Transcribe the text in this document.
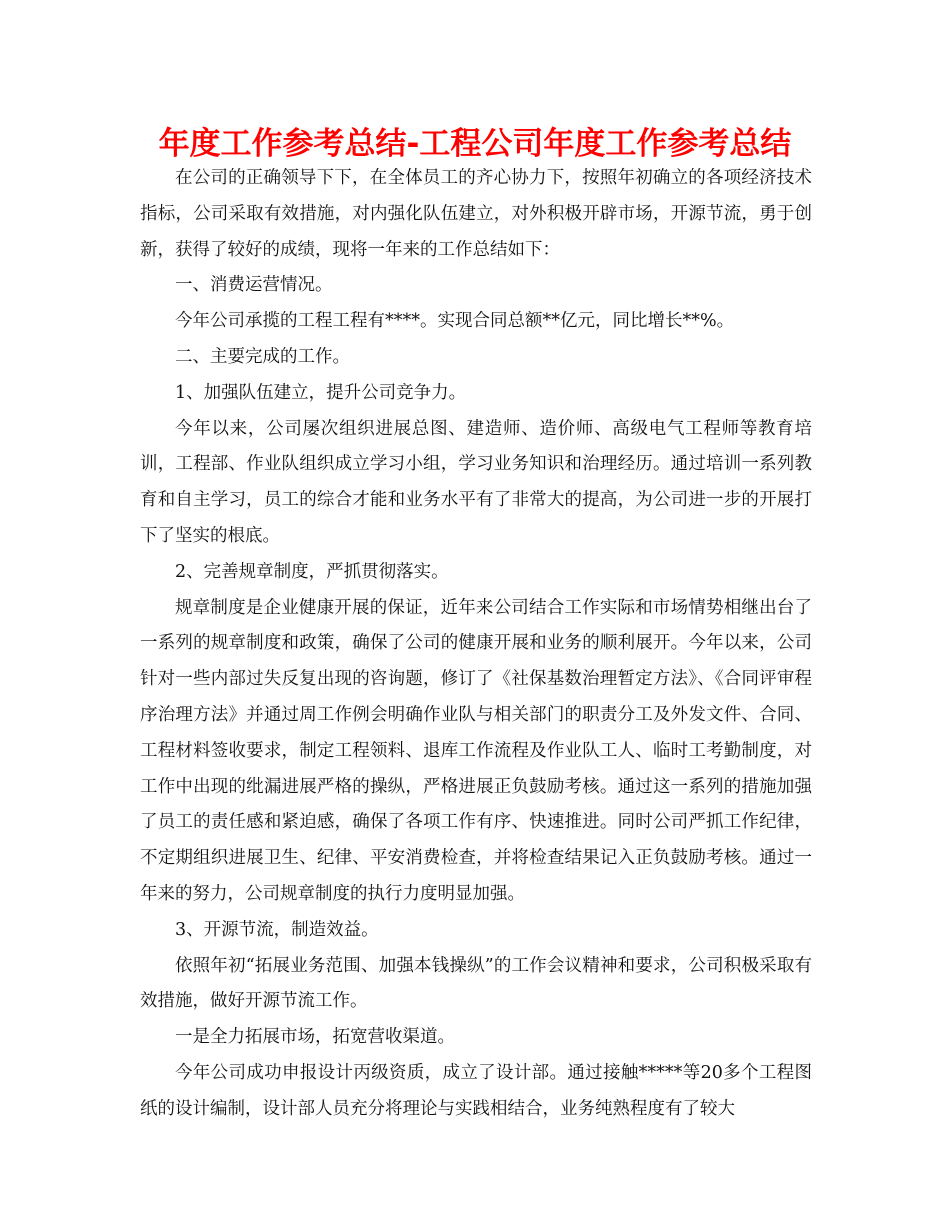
年度工作参考总结-工程公司年度工作参考总结

在公司的正确领导下下，在全体员工的齐心协力下，按照年初确立的各项经济技术指标，公司采取有效措施，对内强化队伍建立，对外积极开辟市场，开源节流，勇于创新，获得了较好的成绩，现将一年来的工作总结如下：

一、消费运营情况。

今年公司承揽的工程工程有****。实现合同总额**亿元，同比增长**%。

二、主要完成的工作。

1、加强队伍建立，提升公司竞争力。

今年以来，公司屡次组织进展总图、建造师、造价师、高级电气工程师等教育培训，工程部、作业队组织成立学习小组，学习业务知识和治理经历。通过培训一系列教育和自主学习，员工的综合才能和业务水平有了非常大的提高，为公司进一步的开展打下了坚实的根底。

2、完善规章制度，严抓贯彻落实。

规章制度是企业健康开展的保证，近年来公司结合工作实际和市场情势相继出台了一系列的规章制度和政策，确保了公司的健康开展和业务的顺利展开。今年以来，公司针对一些内部过失反复出现的咨询题，修订了《社保基数治理暂定方法》、《合同评审程序治理方法》并通过周工作例会明确作业队与相关部门的职责分工及外发文件、合同、工程材料签收要求，制定工程领料、退库工作流程及作业队工人、临时工考勤制度，对工作中出现的纰漏进展严格的操纵，严格进展正负鼓励考核。通过这一系列的措施加强了员工的责任感和紧迫感，确保了各项工作有序、快速推进。同时公司严抓工作纪律，不定期组织进展卫生、纪律、平安消费检查，并将检查结果记入正负鼓励考核。通过一年来的努力，公司规章制度的执行力度明显加强。

3、开源节流，制造效益。

依照年初“拓展业务范围、加强本钱操纵”的工作会议精神和要求，公司积极采取有效措施，做好开源节流工作。

一是全力拓展市场，拓宽营收渠道。

今年公司成功申报设计丙级资质，成立了设计部。通过接触*****等20多个工程图纸的设计编制，设计部人员充分将理论与实践相结合，业务纯熟程度有了较大
